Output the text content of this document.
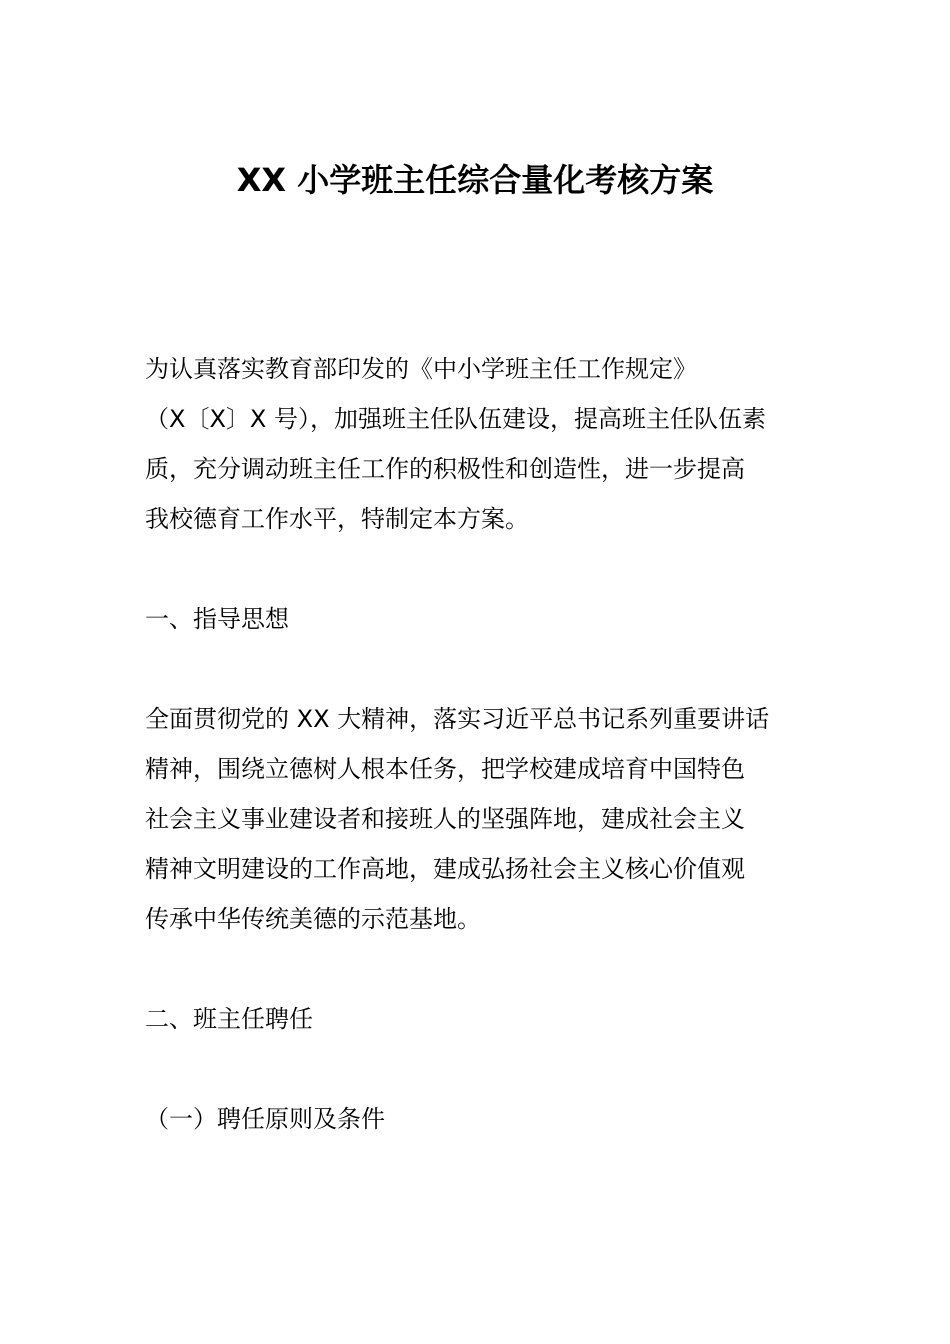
XX 小学班主任综合量化考核方案
为认真落实教育部印发的《中小学班主任工作规定》
（X〔X〕X 号），加强班主任队伍建设，提高班主任队伍素
质，充分调动班主任工作的积极性和创造性，进一步提高
我校德育工作水平，特制定本方案。
一、指导思想
全面贯彻党的 XX 大精神，落实习近平总书记系列重要讲话
精神，围绕立德树人根本任务，把学校建成培育中国特色
社会主义事业建设者和接班人的坚强阵地，建成社会主义
精神文明建设的工作高地，建成弘扬社会主义核心价值观
传承中华传统美德的示范基地。
二、班主任聘任
（一）聘任原则及条件
